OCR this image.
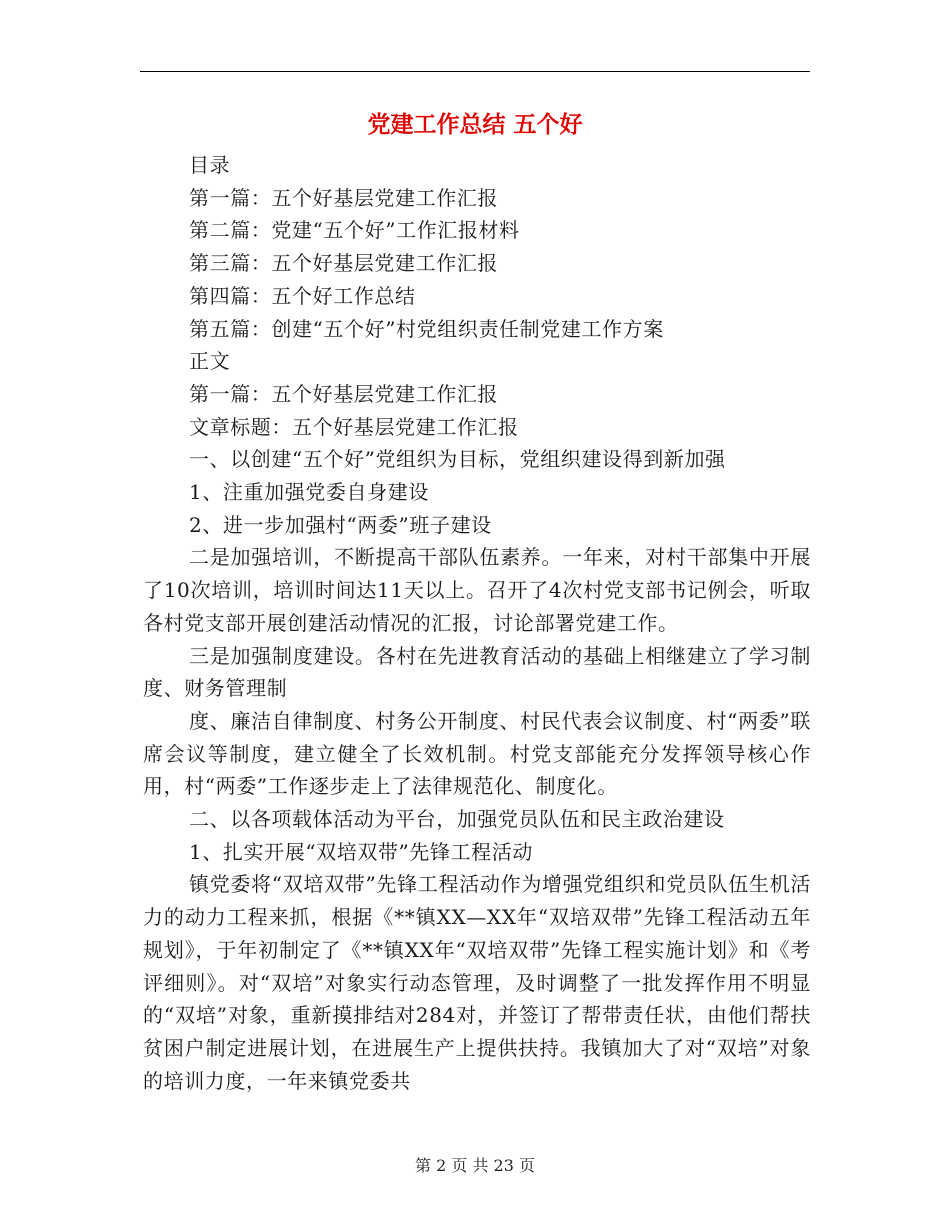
党建工作总结 五个好

目录

第一篇：五个好基层党建工作汇报

第二篇：党建“五个好”工作汇报材料

第三篇：五个好基层党建工作汇报

第四篇：五个好工作总结

第五篇：创建“五个好”村党组织责任制党建工作方案

正文

第一篇：五个好基层党建工作汇报

文章标题：五个好基层党建工作汇报

一、以创建“五个好”党组织为目标，党组织建设得到新加强

1、注重加强党委自身建设

2、进一步加强村“两委”班子建设

二是加强培训，不断提高干部队伍素养。一年来，对村干部集中开展了10次培训，培训时间达11天以上。召开了4次村党支部书记例会，听取各村党支部开展创建活动情况的汇报，讨论部署党建工作。

三是加强制度建设。各村在先进教育活动的基础上相继建立了学习制度、财务管理制

度、廉洁自律制度、村务公开制度、村民代表会议制度、村“两委”联席会议等制度，建立健全了长效机制。村党支部能充分发挥领导核心作用，村“两委”工作逐步走上了法律规范化、制度化。

二、以各项载体活动为平台，加强党员队伍和民主政治建设

1、扎实开展“双培双带”先锋工程活动

镇党委将“双培双带”先锋工程活动作为增强党组织和党员队伍生机活力的动力工程来抓，根据《**镇XX—XX年“双培双带”先锋工程活动五年规划》，于年初制定了《**镇XX年“双培双带”先锋工程实施计划》和《考评细则》。对“双培”对象实行动态管理，及时调整了一批发挥作用不明显的“双培”对象，重新摸排结对284对，并签订了帮带责任状，由他们帮扶贫困户制定进展计划，在进展生产上提供扶持。我镇加大了对“双培”对象的培训力度，一年来镇党委共

第 2 页 共 23 页
